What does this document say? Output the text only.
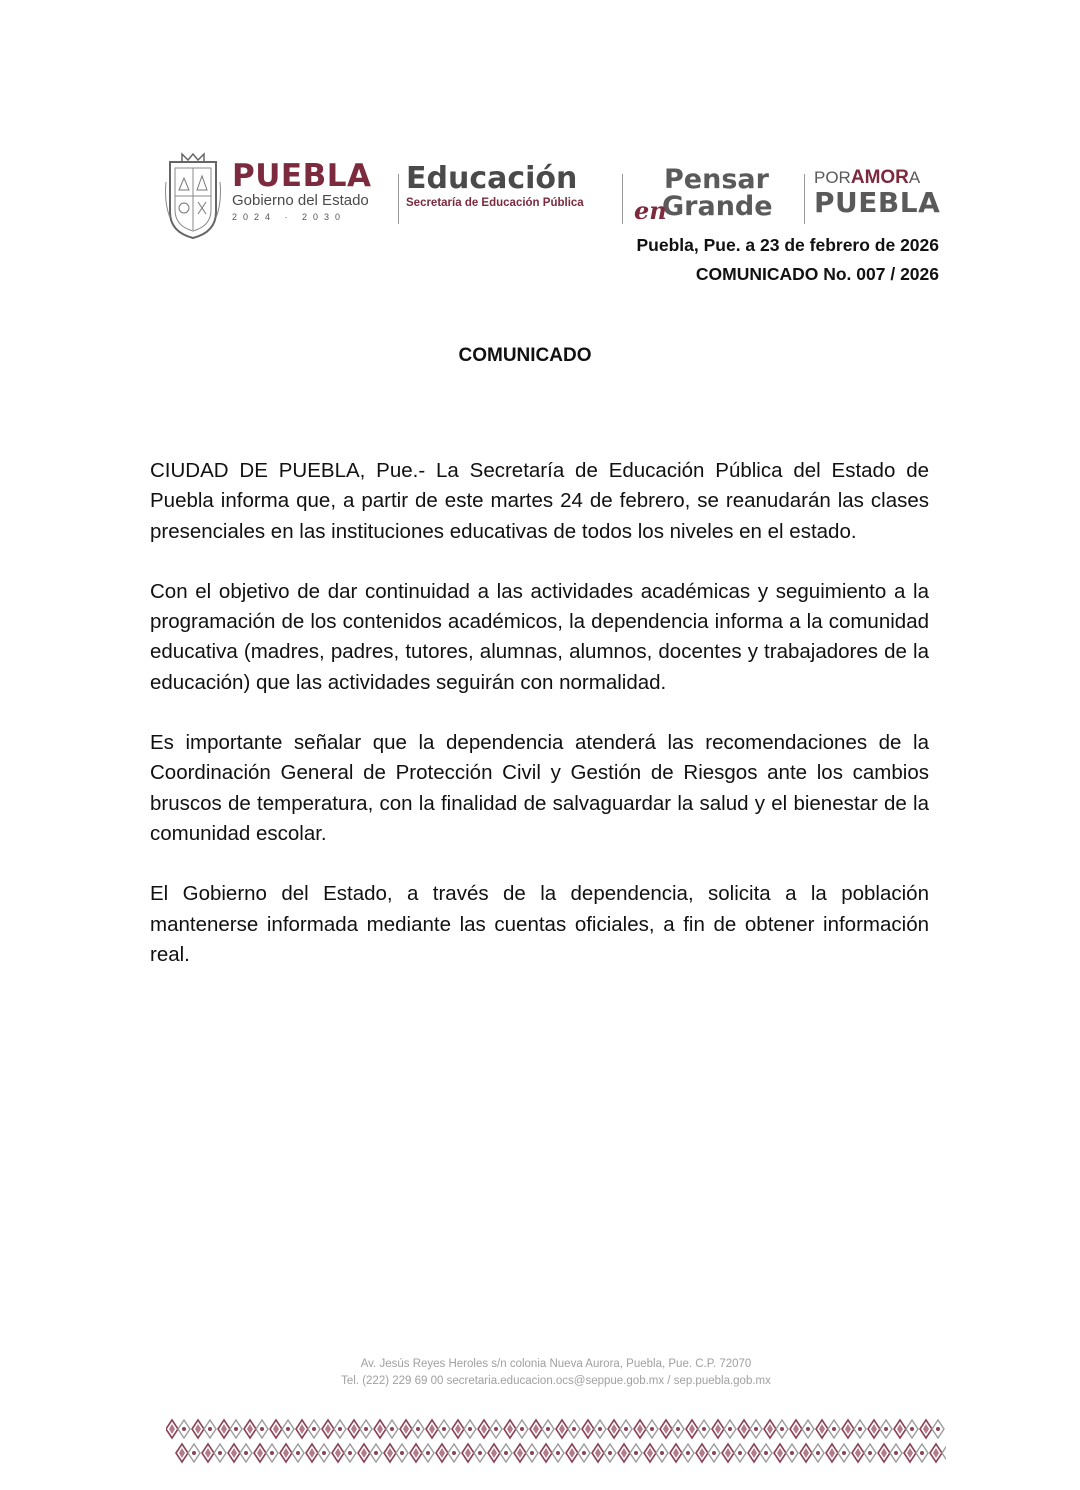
PUEBLA
Gobierno del Estado
2024 · 2030
Educación
Secretaría de Educación Pública
Pensar
Grande
en
PORAMORA
PUEBLA
Puebla, Pue. a 23 de febrero de 2026
COMUNICADO No. 007 / 2026
COMUNICADO

CIUDAD DE PUEBLA, Pue.- La Secretaría de Educación Pública del Estado de Puebla informa que, a partir de este martes 24 de febrero, se reanudarán las clases presenciales en las instituciones educativas de todos los niveles en el estado.

Con el objetivo de dar continuidad a las actividades académicas y seguimiento a la programación de los contenidos académicos, la dependencia informa a la comunidad educativa (madres, padres, tutores, alumnas, alumnos, docentes y trabajadores de la educación) que las actividades seguirán con normalidad.

Es importante señalar que la dependencia atenderá las recomendaciones de la Coordinación General de Protección Civil y Gestión de Riesgos ante los cambios bruscos de temperatura, con la finalidad de salvaguardar la salud y el bienestar de la comunidad escolar.

El Gobierno del Estado, a través de la dependencia, solicita a la población mantenerse informada mediante las cuentas oficiales, a fin de obtener información real.

Av. Jesús Reyes Heroles s/n colonia Nueva Aurora, Puebla, Pue. C.P. 72070
Tel. (222) 229 69 00 secretaria.educacion.ocs@seppue.gob.mx / sep.puebla.gob.mx
